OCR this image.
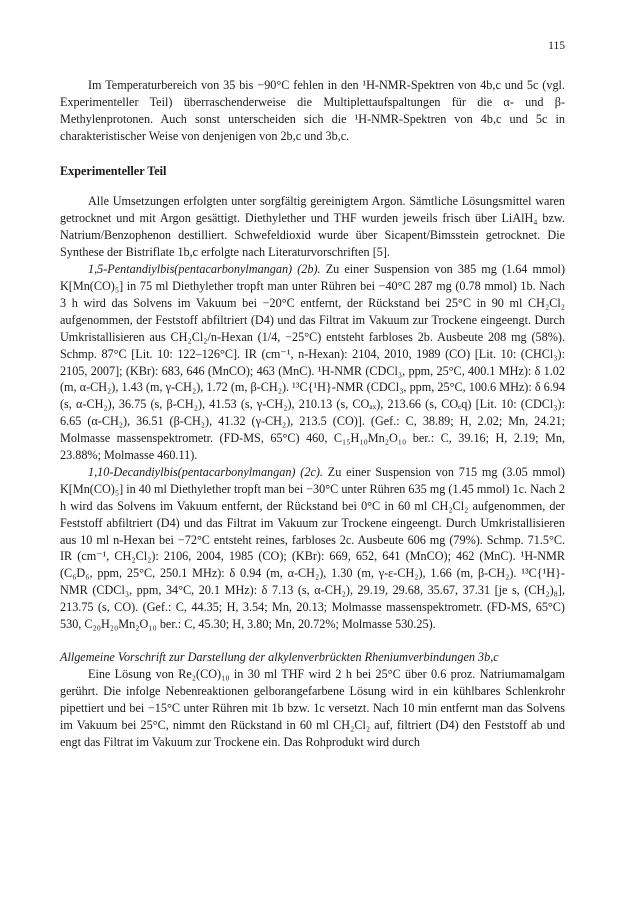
115

Im Temperaturbereich von 35 bis −90°C fehlen in den ¹H-NMR-Spektren von 4b,c und 5c (vgl. Experimenteller Teil) überraschenderweise die Multiplettaufspaltungen für die α- und β-Methylenprotonen. Auch sonst unterscheiden sich die ¹H-NMR-Spektren von 4b,c und 5c in charakteristischer Weise von denjenigen von 2b,c und 3b,c.

Experimenteller Teil

Alle Umsetzungen erfolgten unter sorgfältig gereinigtem Argon. Sämtliche Lösungsmittel waren getrocknet und mit Argon gesättigt. Diethylether und THF wurden jeweils frisch über LiAlH₄ bzw. Natrium/Benzophenon destilliert. Schwefeldioxid wurde über Sicapent/Bimsstein getrocknet. Die Synthese der Bistriflate 1b,c erfolgte nach Literaturvorschriften [5].

1,5-Pentandiylbis(pentacarbonylmangan) (2b). Zu einer Suspension von 385 mg (1.64 mmol) K[Mn(CO)₅] in 75 ml Diethylether tropft man unter Rühren bei −40°C 287 mg (0.78 mmol) 1b. Nach 3 h wird das Solvens im Vakuum bei −20°C entfernt, der Rückstand bei 25°C in 90 ml CH₂Cl₂ aufgenommen, der Feststoff abfiltriert (D4) und das Filtrat im Vakuum zur Trockene eingeengt. Durch Umkristallisieren aus CH₂Cl₂/n-Hexan (1/4, −25°C) entsteht farbloses 2b. Ausbeute 208 mg (58%). Schmp. 87°C [Lit. 10: 122–126°C]. IR (cm⁻¹, n-Hexan): 2104, 2010, 1989 (CO) [Lit. 10: (CHCl₃): 2105, 2007]; (KBr): 683, 646 (MnCO); 463 (MnC). ¹H-NMR (CDCl₃, ppm, 25°C, 400.1 MHz): δ 1.02 (m, α-CH₂), 1.43 (m, γ-CH₂), 1.72 (m, β-CH₂). ¹³C{¹H}-NMR (CDCl₃, ppm, 25°C, 100.6 MHz): δ 6.94 (s, α-CH₂), 36.75 (s, β-CH₂), 41.53 (s, γ-CH₂), 210.13 (s, COₐₓ), 213.66 (s, COₑq) [Lit. 10: (CDCl₃): 6.65 (α-CH₂), 36.51 (β-CH₂), 41.32 (γ-CH₂), 213.5 (CO)]. (Gef.: C, 38.89; H, 2.02; Mn, 24.21; Molmasse massenspektrometr. (FD-MS, 65°C) 460, C₁₅H₁₀Mn₂O₁₀ ber.: C, 39.16; H, 2.19; Mn, 23.88%; Molmasse 460.11).

1,10-Decandiylbis(pentacarbonylmangan) (2c). Zu einer Suspension von 715 mg (3.05 mmol) K[Mn(CO)₅] in 40 ml Diethylether tropft man bei −30°C unter Rühren 635 mg (1.45 mmol) 1c. Nach 2 h wird das Solvens im Vakuum entfernt, der Rückstand bei 0°C in 60 ml CH₂Cl₂ aufgenommen, der Feststoff abfiltriert (D4) und das Filtrat im Vakuum zur Trockene eingeengt. Durch Umkristallisieren aus 10 ml n-Hexan bei −72°C entsteht reines, farbloses 2c. Ausbeute 606 mg (79%). Schmp. 71.5°C. IR (cm⁻¹, CH₂Cl₂): 2106, 2004, 1985 (CO); (KBr): 669, 652, 641 (MnCO); 462 (MnC). ¹H-NMR (C₆D₆, ppm, 25°C, 250.1 MHz): δ 0.94 (m, α-CH₂), 1.30 (m, γ-ε-CH₂), 1.66 (m, β-CH₂). ¹³C{¹H}-NMR (CDCl₃, ppm, 34°C, 20.1 MHz): δ 7.13 (s, α-CH₂), 29.19, 29.68, 35.67, 37.31 [je s, (CH₂)₈], 213.75 (s, CO). (Gef.: C, 44.35; H, 3.54; Mn, 20.13; Molmasse massenspektrometr. (FD-MS, 65°C) 530, C₂₀H₂₀Mn₂O₁₀ ber.: C, 45.30; H, 3.80; Mn, 20.72%; Molmasse 530.25).

Allgemeine Vorschrift zur Darstellung der alkylenverbrückten Rheniumverbindungen 3b,c

Eine Lösung von Re₂(CO)₁₀ in 30 ml THF wird 2 h bei 25°C über 0.6 proz. Natriumamalgam gerührt. Die infolge Nebenreaktionen gelborangefarbene Lösung wird in ein kühlbares Schlenkrohr pipettiert und bei −15°C unter Rühren mit 1b bzw. 1c versetzt. Nach 10 min entfernt man das Solvens im Vakuum bei 25°C, nimmt den Rückstand in 60 ml CH₂Cl₂ auf, filtriert (D4) den Feststoff ab und engt das Filtrat im Vakuum zur Trockene ein. Das Rohprodukt wird durch
